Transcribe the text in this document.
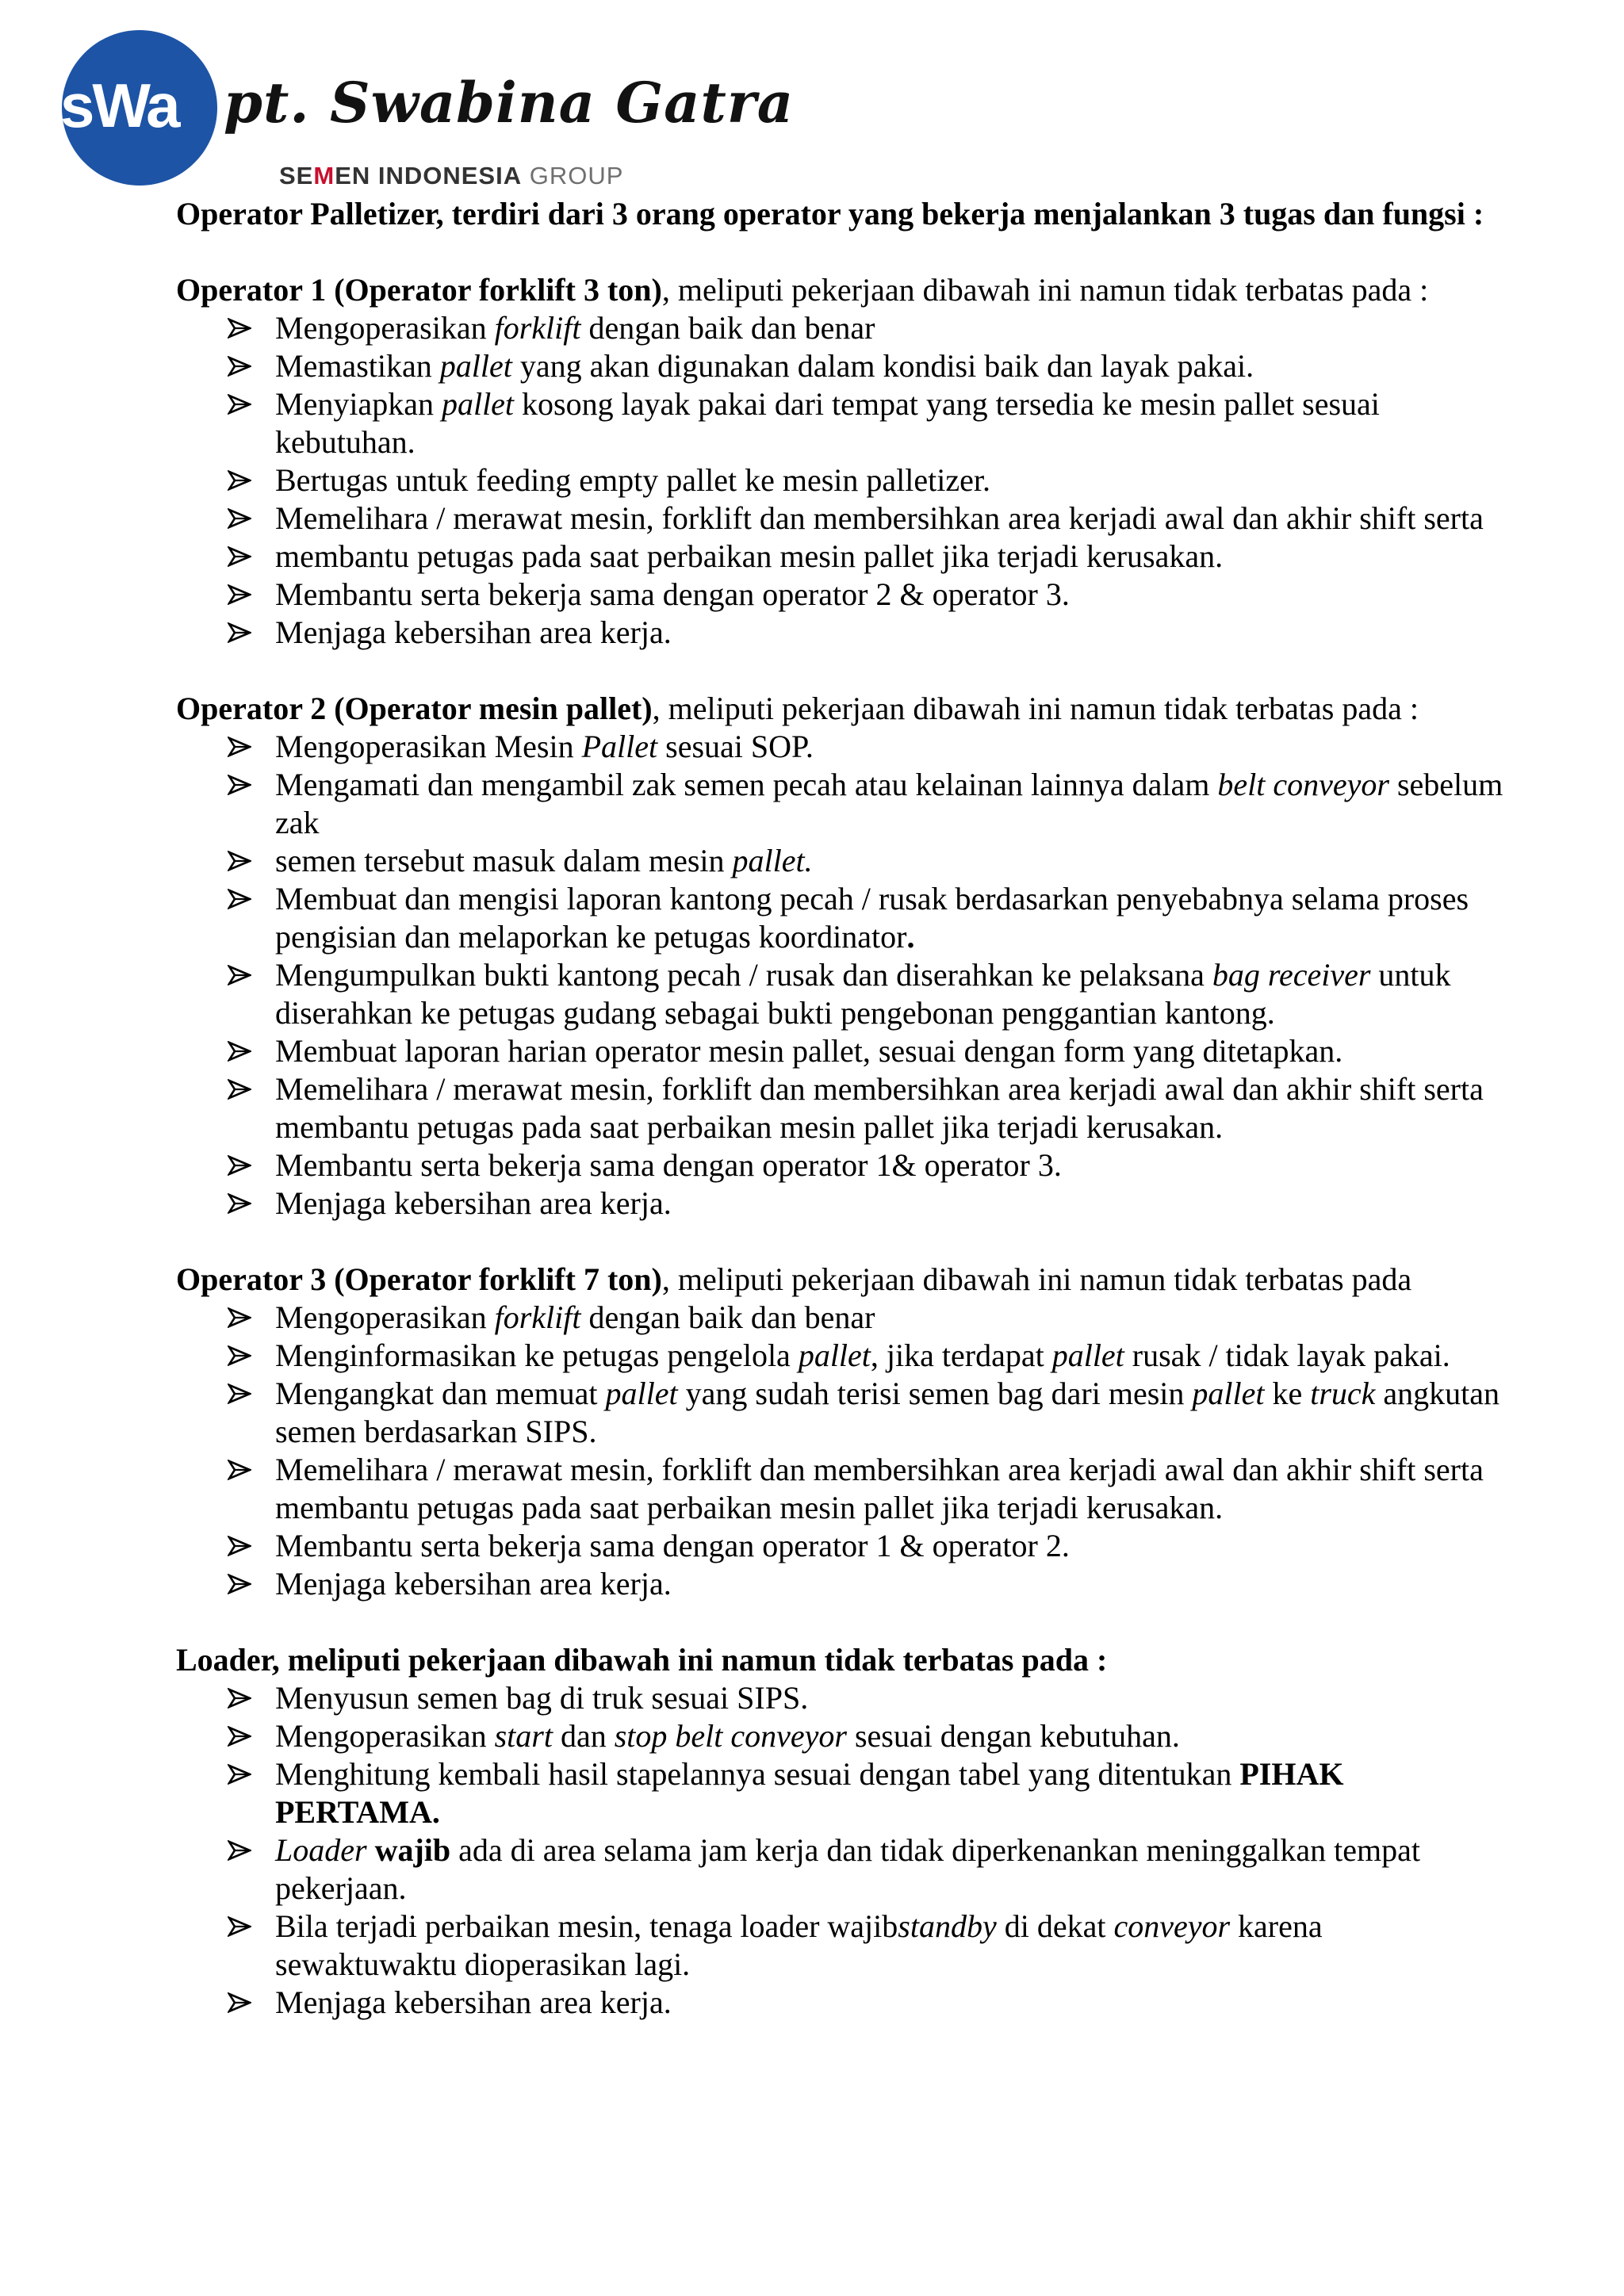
sWa pt. Swabina Gatra
SEMEN INDONESIA GROUP

Operator Palletizer, terdiri dari 3 orang operator yang bekerja menjalankan 3 tugas dan fungsi :

Operator 1 (Operator forklift 3 ton), meliputi pekerjaan dibawah ini namun tidak terbatas pada :

Mengoperasikan forklift dengan baik dan benar
Memastikan pallet yang akan digunakan dalam kondisi baik dan layak pakai.
Menyiapkan pallet kosong layak pakai dari tempat yang tersedia ke mesin pallet sesuai kebutuhan.
Bertugas untuk feeding empty pallet ke mesin palletizer.
Memelihara / merawat mesin, forklift dan membersihkan area kerjadi awal dan akhir shift serta
membantu petugas pada saat perbaikan mesin pallet jika terjadi kerusakan.
Membantu serta bekerja sama dengan operator 2 & operator 3.
Menjaga kebersihan area kerja.

Operator 2 (Operator mesin pallet), meliputi pekerjaan dibawah ini namun tidak terbatas pada :

Mengoperasikan Mesin Pallet sesuai SOP.
Mengamati dan mengambil zak semen pecah atau kelainan lainnya dalam belt conveyor sebelum zak
semen tersebut masuk dalam mesin pallet.
Membuat dan mengisi laporan kantong pecah / rusak berdasarkan penyebabnya selama proses pengisian dan melaporkan ke petugas koordinator.
Mengumpulkan bukti kantong pecah / rusak dan diserahkan ke pelaksana bag receiver untuk diserahkan ke petugas gudang sebagai bukti pengebonan penggantian kantong.
Membuat laporan harian operator mesin pallet, sesuai dengan form yang ditetapkan.
Memelihara / merawat mesin, forklift dan membersihkan area kerjadi awal dan akhir shift serta membantu petugas pada saat perbaikan mesin pallet jika terjadi kerusakan.
Membantu serta bekerja sama dengan operator 1& operator 3.
Menjaga kebersihan area kerja.

Operator 3 (Operator forklift 7 ton), meliputi pekerjaan dibawah ini namun tidak terbatas pada

Mengoperasikan forklift dengan baik dan benar
Menginformasikan ke petugas pengelola pallet, jika terdapat pallet rusak / tidak layak pakai.
Mengangkat dan memuat pallet yang sudah terisi semen bag dari mesin pallet ke truck angkutan semen berdasarkan SIPS.
Memelihara / merawat mesin, forklift dan membersihkan area kerjadi awal dan akhir shift serta membantu petugas pada saat perbaikan mesin pallet jika terjadi kerusakan.
Membantu serta bekerja sama dengan operator 1 & operator 2.
Menjaga kebersihan area kerja.

Loader, meliputi pekerjaan dibawah ini namun tidak terbatas pada :

Menyusun semen bag di truk sesuai SIPS.
Mengoperasikan start dan stop belt conveyor sesuai dengan kebutuhan.
Menghitung kembali hasil stapelannya sesuai dengan tabel yang ditentukan PIHAK PERTAMA.
Loader wajib ada di area selama jam kerja dan tidak diperkenankan meninggalkan tempat pekerjaan.
Bila terjadi perbaikan mesin, tenaga loader wajibstandby di dekat conveyor karena sewaktuwaktu dioperasikan lagi.
Menjaga kebersihan area kerja.
